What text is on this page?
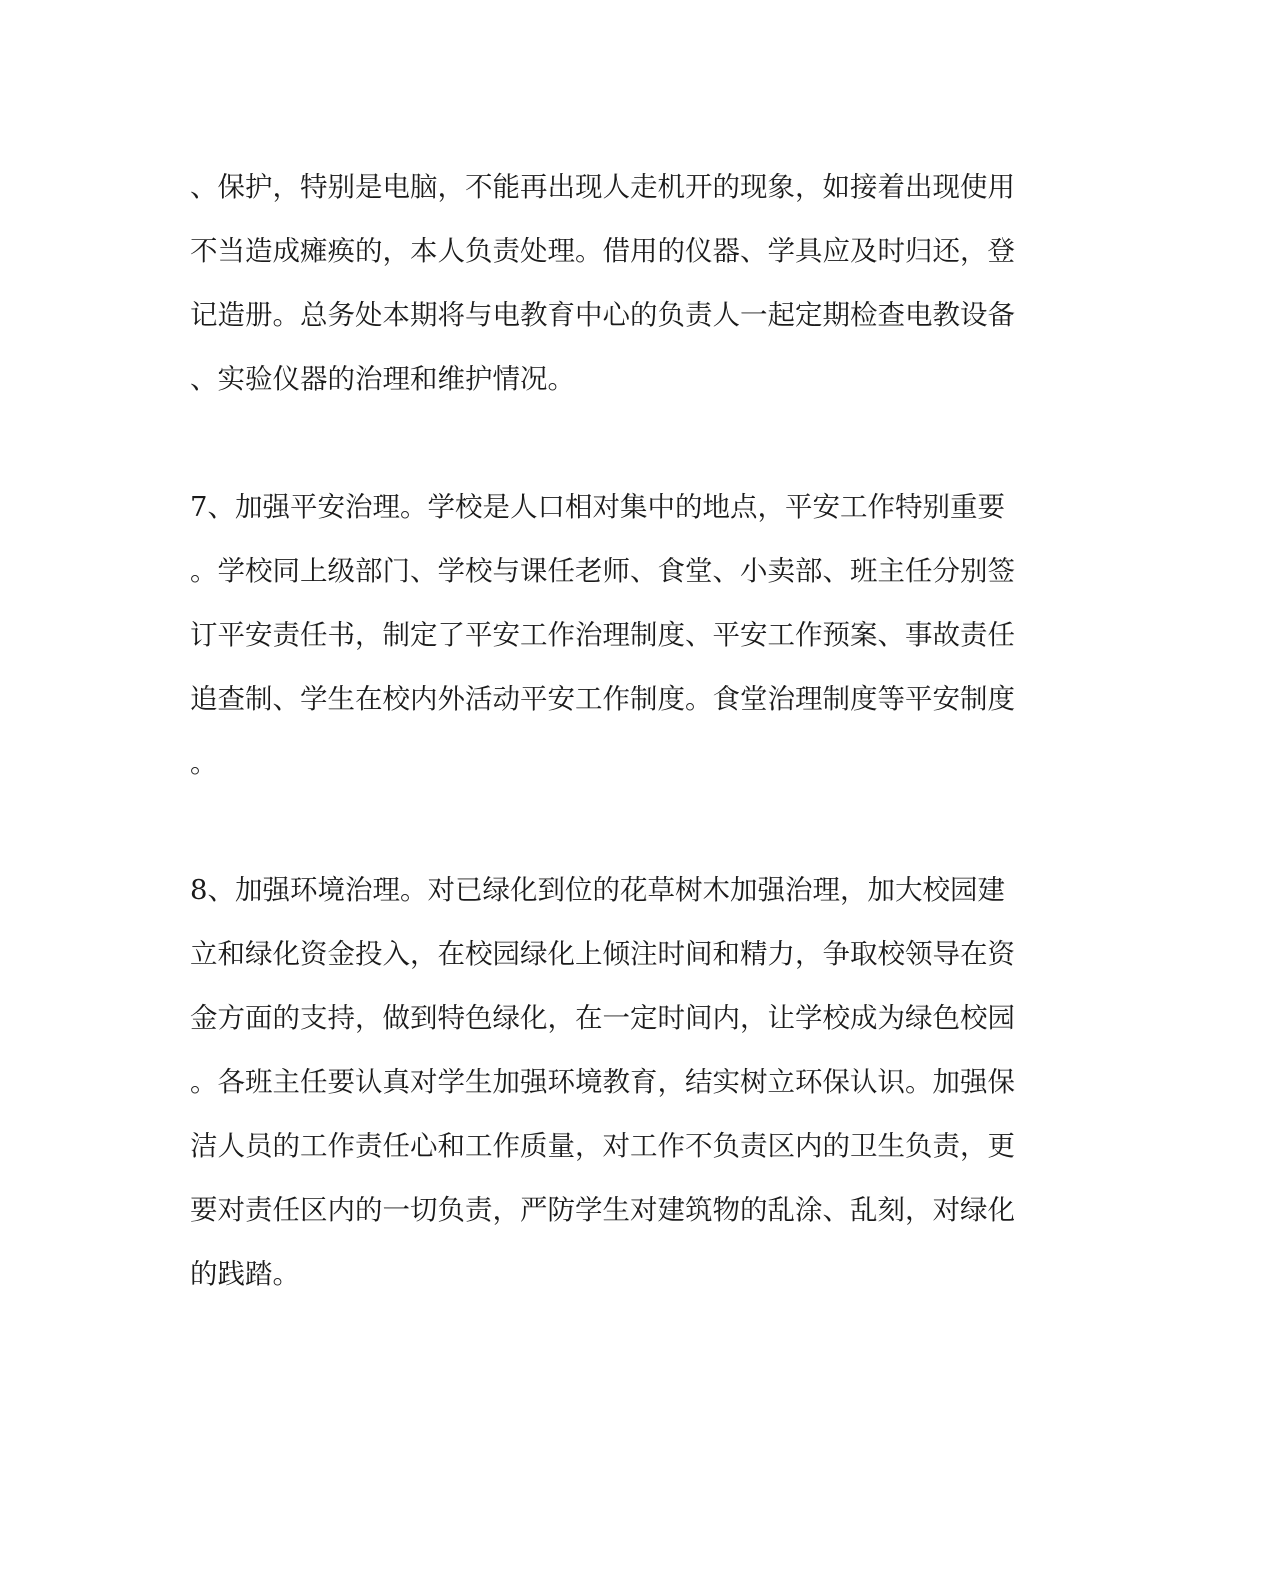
、保护，特别是电脑，不能再出现人走机开的现象，如接着出现使用
不当造成瘫痪的，本人负责处理。借用的仪器、学具应及时归还，登
记造册。总务处本期将与电教育中心的负责人一起定期检查电教设备
、实验仪器的治理和维护情况。
7、加强平安治理。学校是人口相对集中的地点，平安工作特别重要
。学校同上级部门、学校与课任老师、食堂、小卖部、班主任分别签
订平安责任书，制定了平安工作治理制度、平安工作预案、事故责任
追查制、学生在校内外活动平安工作制度。食堂治理制度等平安制度
。
8、加强环境治理。对已绿化到位的花草树木加强治理，加大校园建
立和绿化资金投入，在校园绿化上倾注时间和精力，争取校领导在资
金方面的支持，做到特色绿化，在一定时间内，让学校成为绿色校园
。各班主任要认真对学生加强环境教育，结实树立环保认识。加强保
洁人员的工作责任心和工作质量，对工作不负责区内的卫生负责，更
要对责任区内的一切负责，严防学生对建筑物的乱涂、乱刻，对绿化
的践踏。
